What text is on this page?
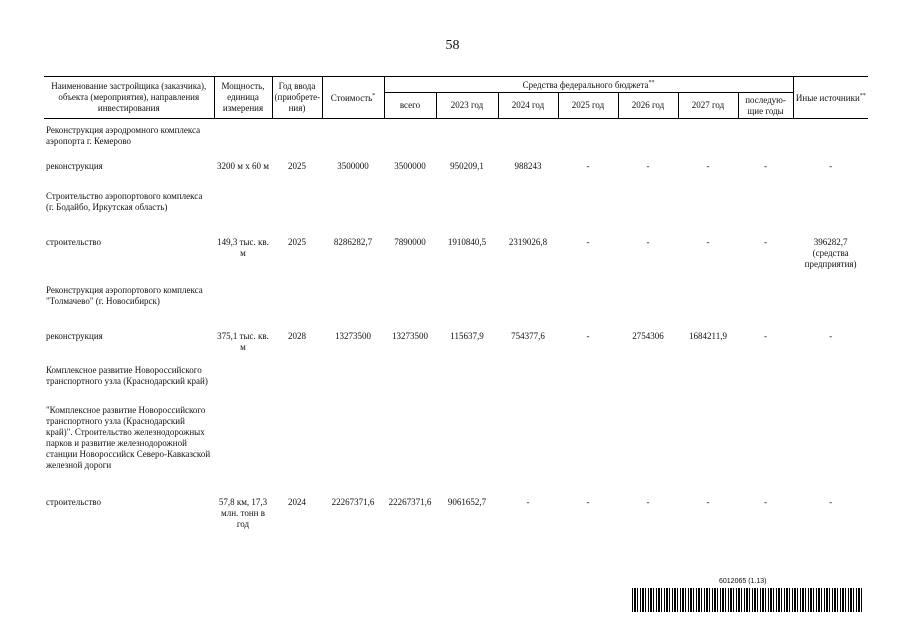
58
Наименование застройщика (заказчика), объекта (мероприятия), направления инвестирования	Мощность, единица измерения	Год ввода (приобрете-ния)	Стоимость*	Средства федерального бюджета**							Иные источники**
				всего	2023 год	2024 год	2025 год	2026 год	2027 год	последую-щие годы	
Реконструкция аэродромного комплекса аэропорта г. Кемерово											
реконструкция	3200 м х 60 м	2025	3500000	3500000	950209,1	988243	-	-	-	-	-
Строительство аэропортового комплекса (г. Бодайбо, Иркутская область)											
строительство	149,3 тыс. кв. м	2025	8286282,7	7890000	1910840,5	2319026,8	-	-	-	-	396282,7 (средства предприятия)
Реконструкция аэропортового комплекса "Толмачево" (г. Новосибирск)											
реконструкция	375,1 тыс. кв. м	2028	13273500	13273500	115637,9	754377,6	-	2754306	1684211,9	-	-
Комплексное развитие Новороссийского транспортного узла (Краснодарский край)											
"Комплексное развитие Новороссийского транспортного узла (Краснодарский край)". Строительство железнодорожных парков и развитие железнодорожной станции Новороссийск Северо-Кавказской железной дороги											
строительство	57,8 км, 17,3 млн. тонн в год	2024	22267371,6	22267371,6	9061652,7	-	-	-	-	-	-
6012065 (1.13)
